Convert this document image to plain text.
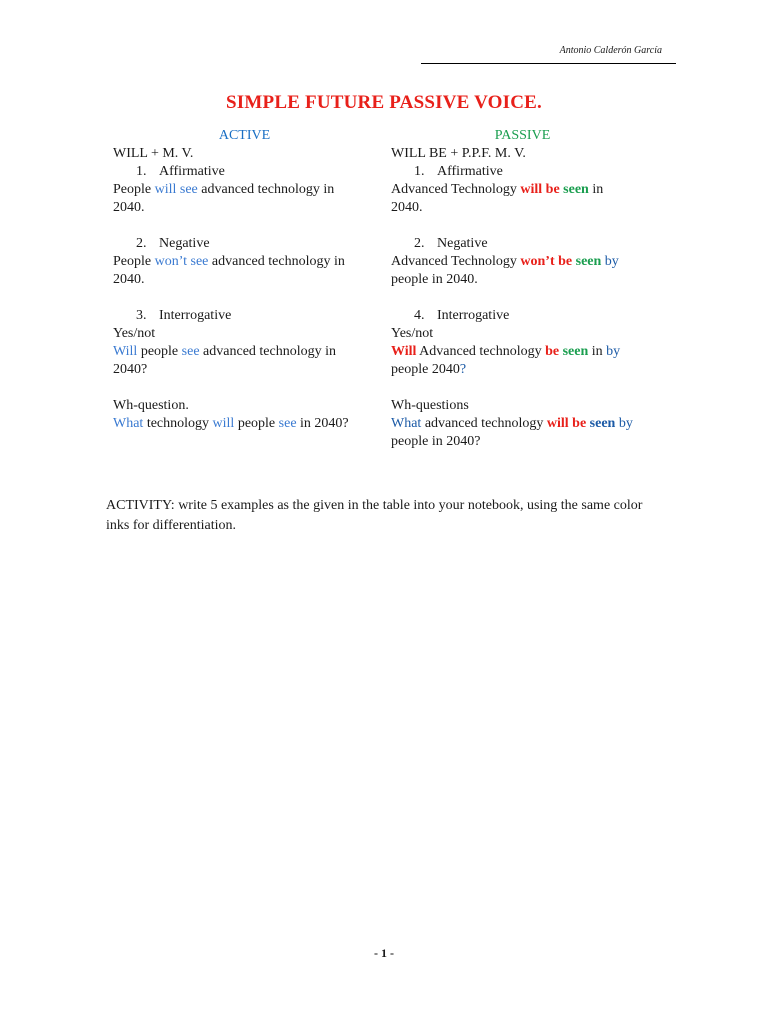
Antonio Calderón García
SIMPLE FUTURE PASSIVE VOICE.
ACTIVE
WILL + M. V.
1. Affirmative
People will see advanced technology in
2040.
2. Negative
People won’t see advanced technology in
2040.
3. Interrogative
Yes/not
Will people see advanced technology in
2040?
Wh-question.
What technology will people see in 2040?
PASSIVE
WILL BE + P.P.F. M. V.
1. Affirmative
Advanced Technology will be seen in
2040.
2. Negative
Advanced Technology won’t be seen by
people in 2040.
4. Interrogative
Yes/not
Will Advanced technology be seen in by
people 2040?
Wh-questions
What advanced technology will be seen by
people in 2040?
ACTIVITY: write 5 examples as the given in the table into your notebook, using the same color inks for differentiation.
- 1 -
